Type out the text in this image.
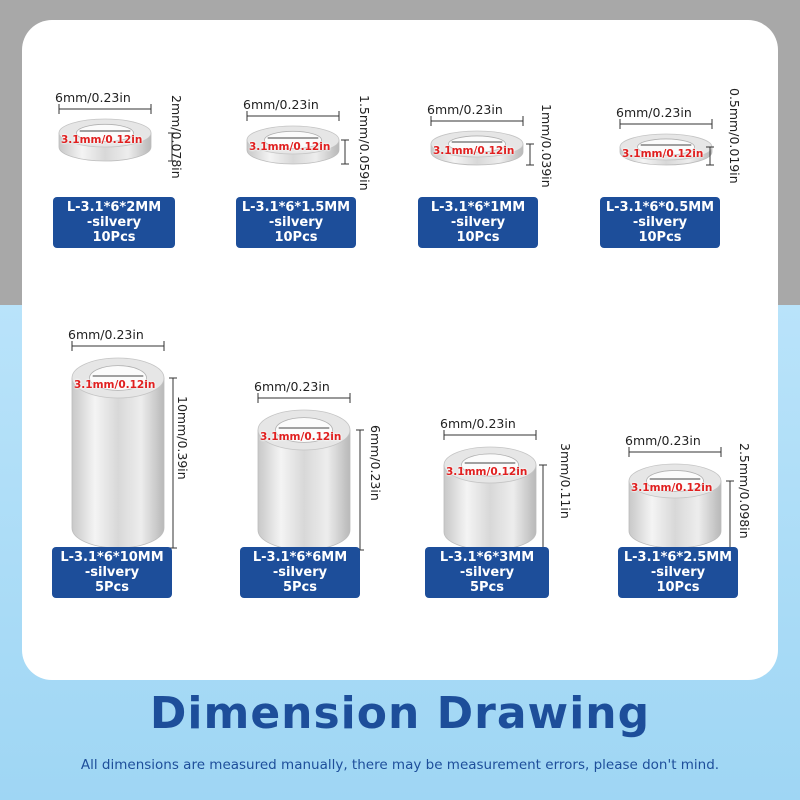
6mm/0.23in
3.1mm/0.12in 2mm/0.078in
L-3.1*6*2MM
-silvery
10Pcs
6mm/0.23in
3.1mm/0.12in 1.5mm/0.059in
L-3.1*6*1.5MM
-silvery
10Pcs
6mm/0.23in
3.1mm/0.12in 1mm/0.039in
L-3.1*6*1MM
-silvery
10Pcs
6mm/0.23in
3.1mm/0.12in 0.5mm/0.019in
L-3.1*6*0.5MM
-silvery
10Pcs
6mm/0.23in
3.1mm/0.12in
10mm/0.39in
L-3.1*6*10MM
-silvery
5Pcs
6mm/0.23in
3.1mm/0.12in 6mm/0.23in
L-3.1*6*6MM
-silvery
5Pcs
6mm/0.23in
3.1mm/0.12in 3mm/0.11in
L-3.1*6*3MM
-silvery
5Pcs
6mm/0.23in
3.1mm/0.12in 2.5mm/0.098in
L-3.1*6*2.5MM
-silvery
10Pcs
Dimension Drawing
All dimensions are measured manually, there may be measurement errors, please don't mind.
